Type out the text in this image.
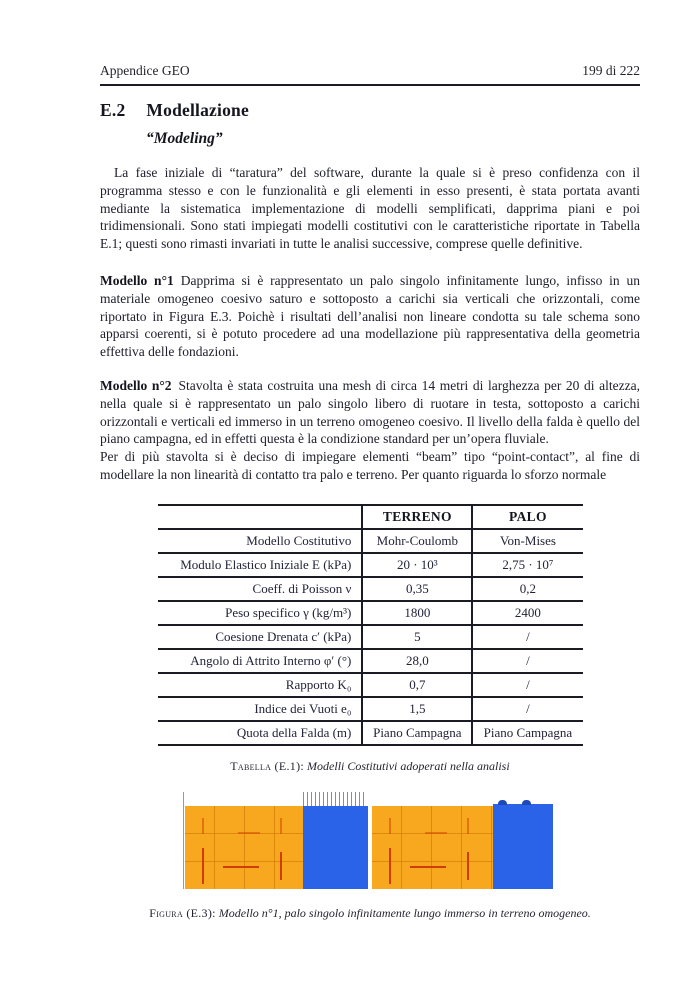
Appendice GEO	199 di 222
E.2 Modellazione
“Modeling”

La fase iniziale di “taratura” del software, durante la quale si è preso confidenza con il programma stesso e con le funzionalità e gli elementi in esso presenti, è stata portata avanti mediante la sistematica implementazione di modelli semplificati, dapprima piani e poi tridimensionali. Sono stati impiegati modelli costitutivi con le caratteristiche riportate in Tabella E.1; questi sono rimasti invariati in tutte le analisi successive, comprese quelle definitive.

Modello n°1 Dapprima si è rappresentato un palo singolo infinitamente lungo, infisso in un materiale omogeneo coesivo saturo e sottoposto a carichi sia verticali che orizzontali, come riportato in Figura E.3. Poichè i risultati dell’analisi non lineare condotta su tale schema sono apparsi coerenti, si è potuto procedere ad una modellazione più rappresentativa della geometria effettiva delle fondazioni.

Modello n°2 Stavolta è stata costruita una mesh di circa 14 metri di larghezza per 20 di altezza, nella quale si è rappresentato un palo singolo libero di ruotare in testa, sottoposto a carichi orizzontali e verticali ed immerso in un terreno omogeneo coesivo. Il livello della falda è quello del piano campagna, ed in effetti questa è la condizione standard per un’opera fluviale.

Per di più stavolta si è deciso di impiegare elementi “beam” tipo “point-contact”, al fine di modellare la non linearità di contatto tra palo e terreno. Per quanto riguarda lo sforzo normale

	TERRENO	PALO
Modello Costitutivo	Mohr-Coulomb	Von-Mises
Modulo Elastico Iniziale E (kPa)	20 · 10³	2,75 · 10⁷
Coeff. di Poisson ν	0,35	0,2
Peso specifico γ (kg/m³)	1800	2400
Coesione Drenata c′ (kPa)	5	/
Angolo di Attrito Interno φ′ (°)	28,0	/
Rapporto K₀	0,7	/
Indice dei Vuoti e₀	1,5	/
Quota della Falda (m)	Piano Campagna	Piano Campagna
Tabella (E.1): Modelli Costitutivi adoperati nella analisi
Figura (E.3): Modello n°1, palo singolo infinitamente lungo immerso in terreno omogeneo.
